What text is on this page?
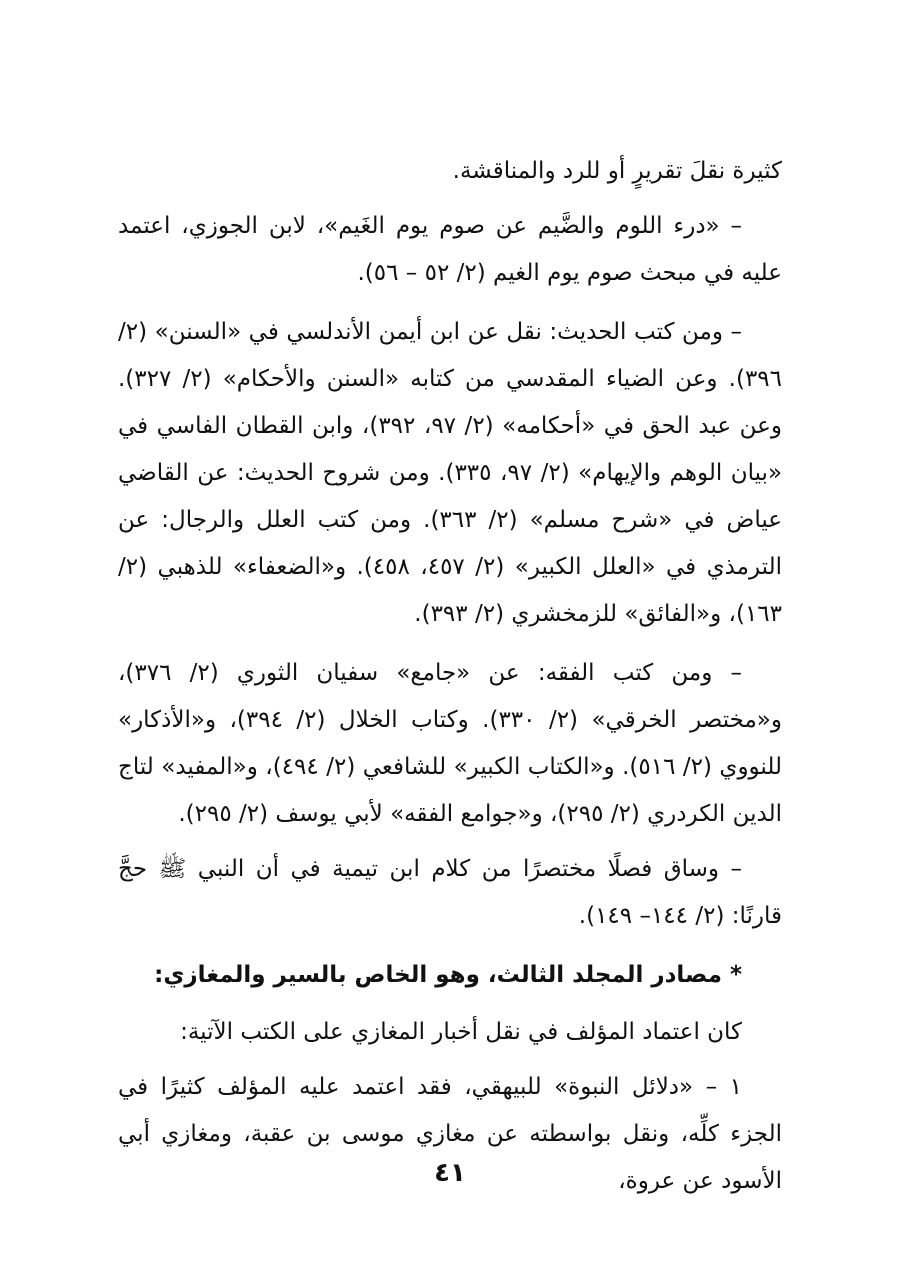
كثيرة نقلَ تقريرٍ أو للرد والمناقشة.

– «درء اللوم والضَّيم عن صوم يوم الغَيم»، لابن الجوزي، اعتمد عليه في مبحث صوم يوم الغيم (٢/ ٥٢ – ٥٦).

– ومن كتب الحديث: نقل عن ابن أيمن الأندلسي في «السنن» (٢/ ٣٩٦). وعن الضياء المقدسي من كتابه «السنن والأحكام» (٢/ ٣٢٧). وعن عبد الحق في «أحكامه» (٢/ ٩٧، ٣٩٢)، وابن القطان الفاسي في «بيان الوهم والإيهام» (٢/ ٩٧، ٣٣٥). ومن شروح الحديث: عن القاضي عياض في «شرح مسلم» (٢/ ٣٦٣). ومن كتب العلل والرجال: عن الترمذي في «العلل الكبير» (٢/ ٤٥٧، ٤٥٨). و«الضعفاء» للذهبي (٢/ ١٦٣)، و«الفائق» للزمخشري (٢/ ٣٩٣).

– ومن كتب الفقه: عن «جامع» سفيان الثوري (٢/ ٣٧٦)، و«مختصر الخرقي» (٢/ ٣٣٠). وكتاب الخلال (٢/ ٣٩٤)، و«الأذكار» للنووي (٢/ ٥١٦). و«الكتاب الكبير» للشافعي (٢/ ٤٩٤)، و«المفيد» لتاج الدين الكردري (٢/ ٢٩٥)، و«جوامع الفقه» لأبي يوسف (٢/ ٢٩٥).

– وساق فصلًا مختصرًا من كلام ابن تيمية في أن النبي ﷺ حجَّ قارنًا: (٢/ ١٤٤– ١٤٩).

* مصادر المجلد الثالث، وهو الخاص بالسير والمغازي:

كان اعتماد المؤلف في نقل أخبار المغازي على الكتب الآتية:

١ – «دلائل النبوة» للبيهقي، فقد اعتمد عليه المؤلف كثيرًا في الجزء كلِّه، ونقل بواسطته عن مغازي موسى بن عقبة، ومغازي أبي الأسود عن عروة،

٤١
